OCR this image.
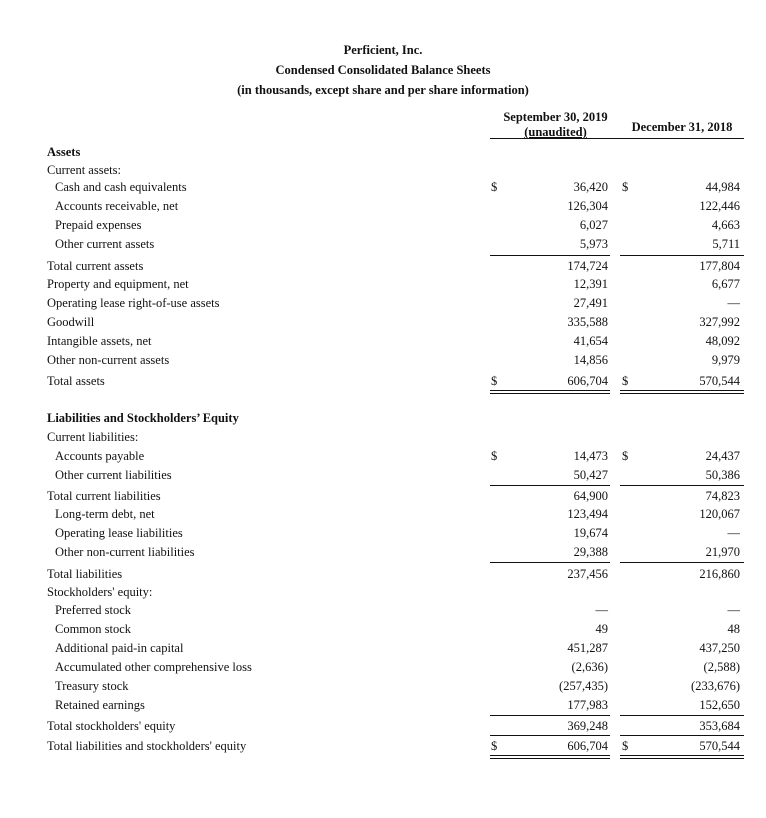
Perficient, Inc.
Condensed Consolidated Balance Sheets
(in thousands, except share and per share information)
September 30, 2019
(unaudited)	December 31, 2018
Assets
Current assets:
Cash and cash equivalents	$	36,420 $	44,984
Accounts receivable, net	126,304	122,446
Prepaid expenses	6,027	4,663
Other current assets	5,973	5,711
Total current assets	174,724	177,804
Property and equipment, net	12,391	6,677
Operating lease right-of-use assets	27,491	—
Goodwill	335,588	327,992
Intangible assets, net	41,654	48,092
Other non-current assets	14,856	9,979
Total assets	$	606,704 $	570,544
Liabilities and Stockholders’ Equity
Current liabilities:
Accounts payable	$	14,473 $	24,437
Other current liabilities	50,427	50,386
Total current liabilities	64,900	74,823
Long-term debt, net	123,494	120,067
Operating lease liabilities	19,674	—
Other non-current liabilities	29,388	21,970
Total liabilities	237,456	216,860
Stockholders' equity:
Preferred stock	—	—
Common stock	49	48
Additional paid-in capital	451,287	437,250
Accumulated other comprehensive loss	(2,636)	(2,588)
Treasury stock	(257,435)	(233,676)
Retained earnings	177,983	152,650
Total stockholders' equity	369,248	353,684
Total liabilities and stockholders' equity	$	606,704 $	570,544
